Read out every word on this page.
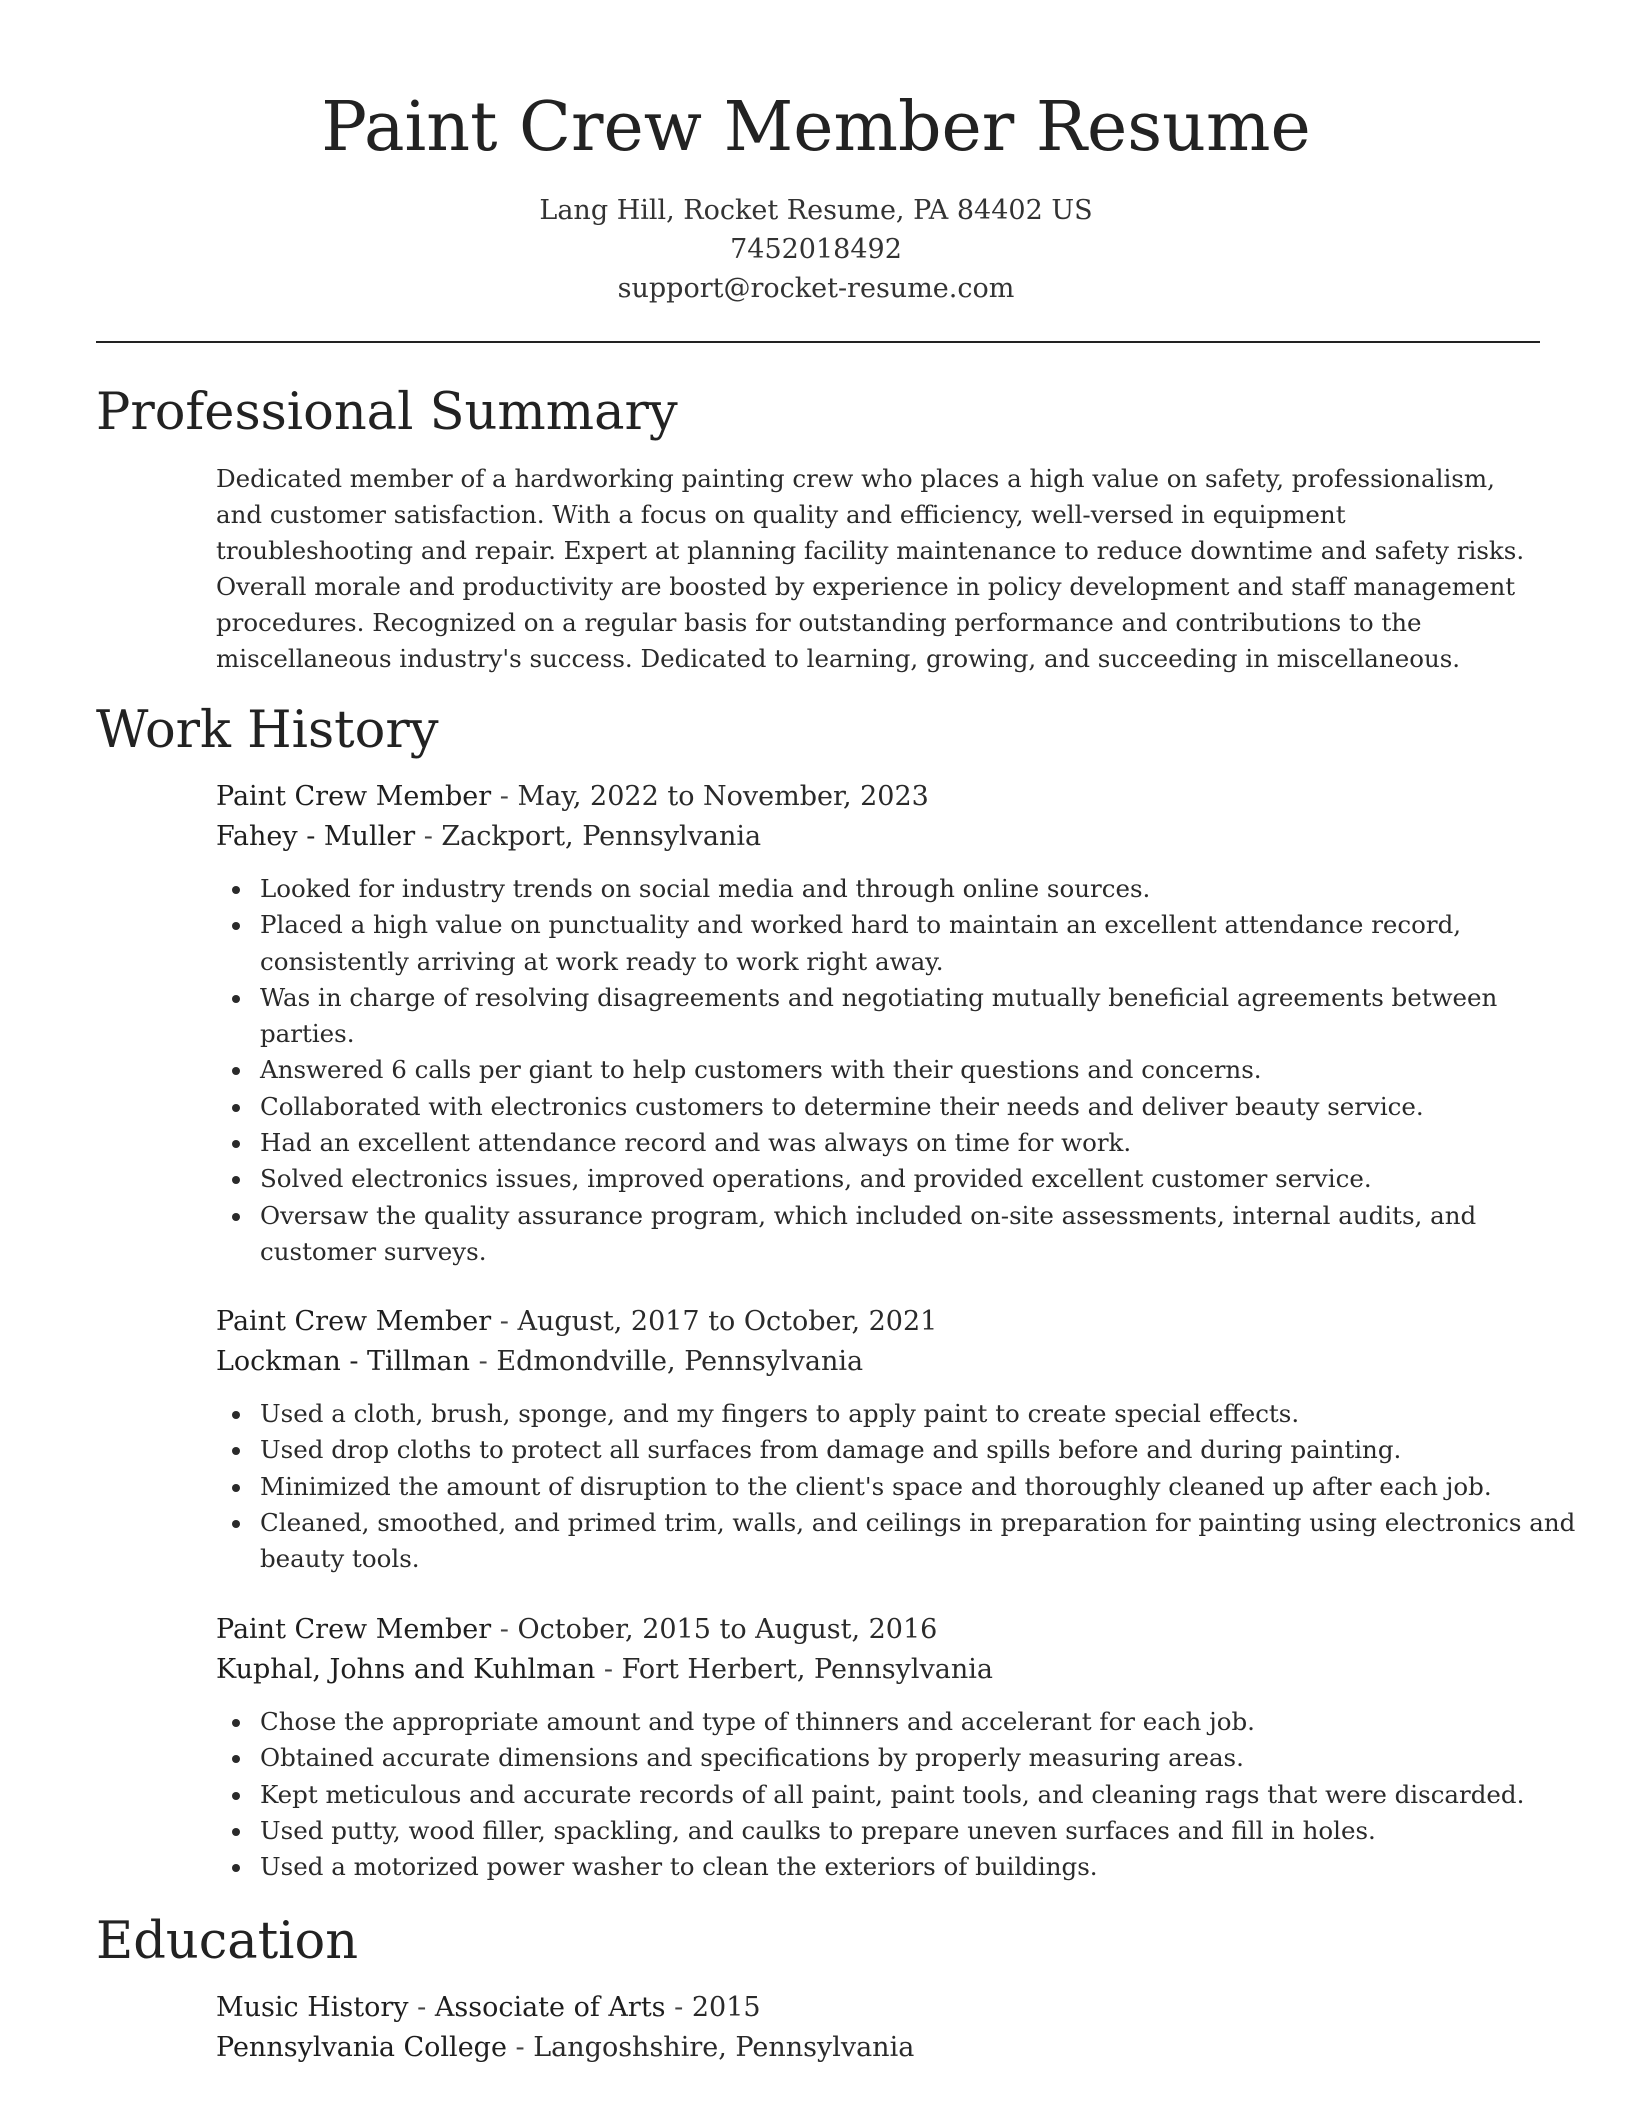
Paint Crew Member Resume
Lang Hill, Rocket Resume, PA 84402 US
7452018492
support@rocket-resume.com
Professional Summary
Dedicated member of a hardworking painting crew who places a high value on safety, professionalism, and customer satisfaction. With a focus on quality and efficiency, well-versed in equipment troubleshooting and repair. Expert at planning facility maintenance to reduce downtime and safety risks. Overall morale and productivity are boosted by experience in policy development and staff management procedures. Recognized on a regular basis for outstanding performance and contributions to the miscellaneous industry's success. Dedicated to learning, growing, and succeeding in miscellaneous.
Work History
Paint Crew Member - May, 2022 to November, 2023
Fahey - Muller - Zackport, Pennsylvania
Looked for industry trends on social media and through online sources.
Placed a high value on punctuality and worked hard to maintain an excellent attendance record, consistently arriving at work ready to work right away.
Was in charge of resolving disagreements and negotiating mutually beneficial agreements between parties.
Answered 6 calls per giant to help customers with their questions and concerns.
Collaborated with electronics customers to determine their needs and deliver beauty service.
Had an excellent attendance record and was always on time for work.
Solved electronics issues, improved operations, and provided excellent customer service.
Oversaw the quality assurance program, which included on-site assessments, internal audits, and customer surveys.
Paint Crew Member - August, 2017 to October, 2021
Lockman - Tillman - Edmondville, Pennsylvania
Used a cloth, brush, sponge, and my fingers to apply paint to create special effects.
Used drop cloths to protect all surfaces from damage and spills before and during painting.
Minimized the amount of disruption to the client's space and thoroughly cleaned up after each job.
Cleaned, smoothed, and primed trim, walls, and ceilings in preparation for painting using electronics and beauty tools.
Paint Crew Member - October, 2015 to August, 2016
Kuphal, Johns and Kuhlman - Fort Herbert, Pennsylvania
Chose the appropriate amount and type of thinners and accelerant for each job.
Obtained accurate dimensions and specifications by properly measuring areas.
Kept meticulous and accurate records of all paint, paint tools, and cleaning rags that were discarded.
Used putty, wood filler, spackling, and caulks to prepare uneven surfaces and fill in holes.
Used a motorized power washer to clean the exteriors of buildings.
Education
Music History - Associate of Arts - 2015
Pennsylvania College - Langoshshire, Pennsylvania
